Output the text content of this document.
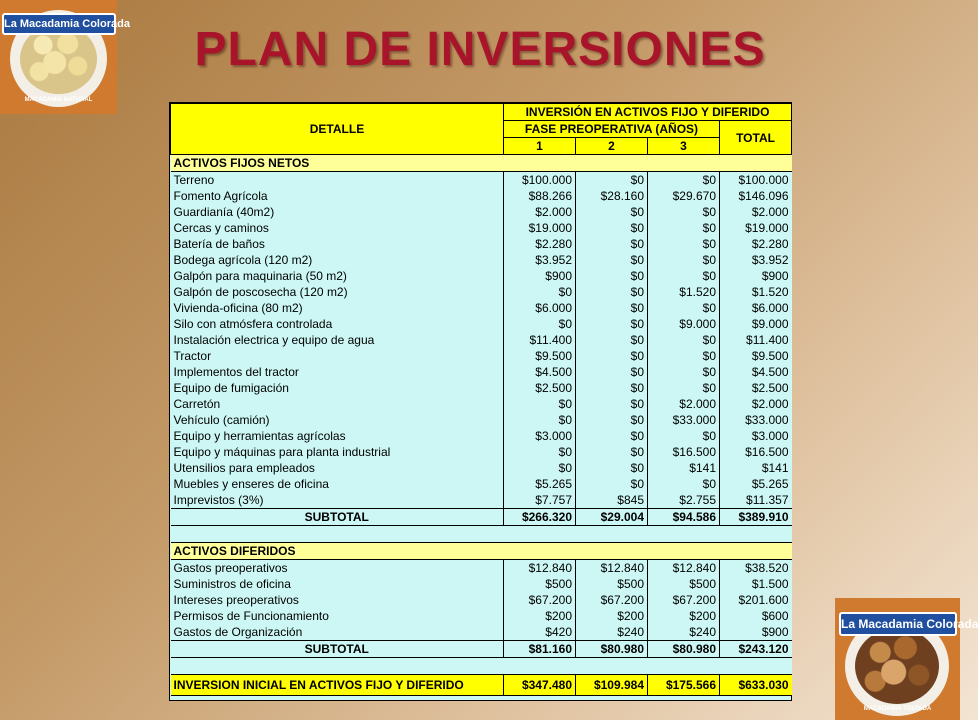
PLAN DE INVERSIONES
La Macadamia Colorada
MACADAMIA NATURAL
La Macadamia Colorada
MACADAMIA TOSTADA
DETALLE	INVERSIÓN EN ACTIVOS FIJO Y DIFERIDO			
	FASE PREOPERATIVA (AÑOS)			TOTAL
	1	2	3	
ACTIVOS FIJOS NETOS				
Terreno	$100.000	$0	$0	$100.000
Fomento Agrícola	$88.266	$28.160	$29.670	$146.096
Guardianía (40m2)	$2.000	$0	$0	$2.000
Cercas y caminos	$19.000	$0	$0	$19.000
Batería de baños	$2.280	$0	$0	$2.280
Bodega agrícola (120 m2)	$3.952	$0	$0	$3.952
Galpón para maquinaria (50 m2)	$900	$0	$0	$900
Galpón de poscosecha (120 m2)	$0	$0	$1.520	$1.520
Vivienda-oficina (80 m2)	$6.000	$0	$0	$6.000
Silo con atmósfera controlada	$0	$0	$9.000	$9.000
Instalación electrica y equipo de agua	$11.400	$0	$0	$11.400
Tractor	$9.500	$0	$0	$9.500
Implementos del tractor	$4.500	$0	$0	$4.500
Equipo de fumigación	$2.500	$0	$0	$2.500
Carretón	$0	$0	$2.000	$2.000
Vehículo (camión)	$0	$0	$33.000	$33.000
Equipo y herramientas agrícolas	$3.000	$0	$0	$3.000
Equipo y máquinas para planta industrial	$0	$0	$16.500	$16.500
Utensilios para empleados	$0	$0	$141	$141
Muebles y enseres de oficina	$5.265	$0	$0	$5.265
Imprevistos (3%)	$7.757	$845	$2.755	$11.357
SUBTOTAL	$266.320	$29.004	$94.586	$389.910

ACTIVOS DIFERIDOS				
Gastos preoperativos	$12.840	$12.840	$12.840	$38.520
Suministros de oficina	$500	$500	$500	$1.500
Intereses preoperativos	$67.200	$67.200	$67.200	$201.600
Permisos de Funcionamiento	$200	$200	$200	$600
Gastos de Organización	$420	$240	$240	$900
SUBTOTAL	$81.160	$80.980	$80.980	$243.120

INVERSION INICIAL EN ACTIVOS FIJO Y DIFERIDO	$347.480	$109.984	$175.566	$633.030
